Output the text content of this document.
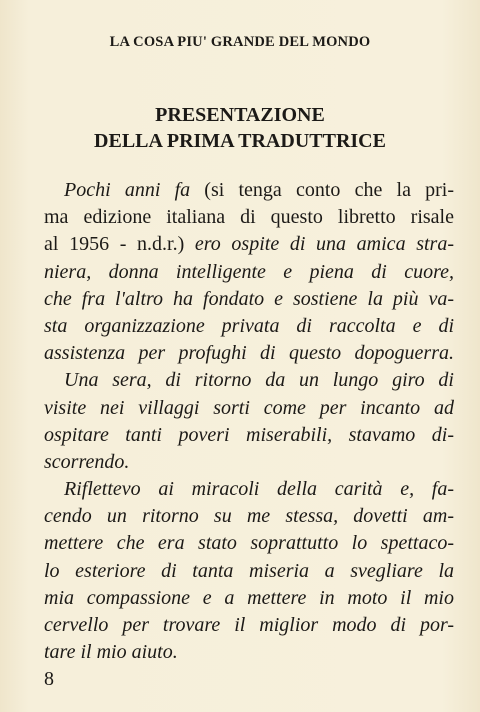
LA COSA PIU' GRANDE DEL MONDO
PRESENTAZIONE
DELLA PRIMA TRADUTTRICE
Pochi anni fa (si tenga conto che la pri-
ma edizione italiana di questo libretto risale
al 1956 - n.d.r.) ero ospite di una amica stra-
niera, donna intelligente e piena di cuore,
che fra l'altro ha fondato e sostiene la più va-
sta organizzazione privata di raccolta e di
assistenza per profughi di questo dopoguerra.
Una sera, di ritorno da un lungo giro di
visite nei villaggi sorti come per incanto ad
ospitare tanti poveri miserabili, stavamo di-
scorrendo.
Riflettevo ai miracoli della carità e, fa-
cendo un ritorno su me stessa, dovetti am-
mettere che era stato soprattutto lo spettaco-
lo esteriore di tanta miseria a svegliare la
mia compassione e a mettere in moto il mio
cervello per trovare il miglior modo di por-
tare il mio aiuto.
8
